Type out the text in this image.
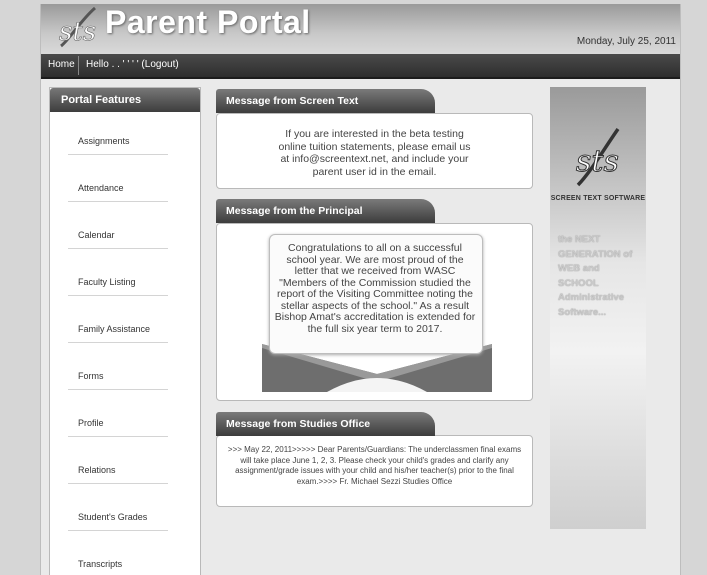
sts Parent Portal
Monday, July 25, 2011
Home Hello . . ' ' ' ' (Logout)
Portal Features
Assignments
Attendance
Calendar
Faculty Listing
Family Assistance
Forms
Profile
Relations
Student's Grades
Transcripts
If you are interested in the beta testing
online tuition statements, please email us
at info@screentext.net, and include your
parent user id in the email.
Message from Screen Text
Congratulations to all on a successful
school year. We are most proud of the
letter that we received from WASC
"Members of the Commission studied the
report of the Visiting Committee noting the
stellar aspects of the school." As a result
Bishop Amat's accreditation is extended for
the full six year term to 2017.
Message from the Principal
>>> May 22, 2011>>>>> Dear Parents/Guardians: The underclassmen final exams
will take place June 1, 2, 3. Please check your child's grades and clarify any
assignment/grade issues with your child and his/her teacher(s) prior to the final
exam.>>>> Fr. Michael Sezzi Studies Office
Message from Studies Office
sts
SCREEN TEXT SOFTWARE
the NEXT
GENERATION of
WEB and
SCHOOL
Administrative
Software...
